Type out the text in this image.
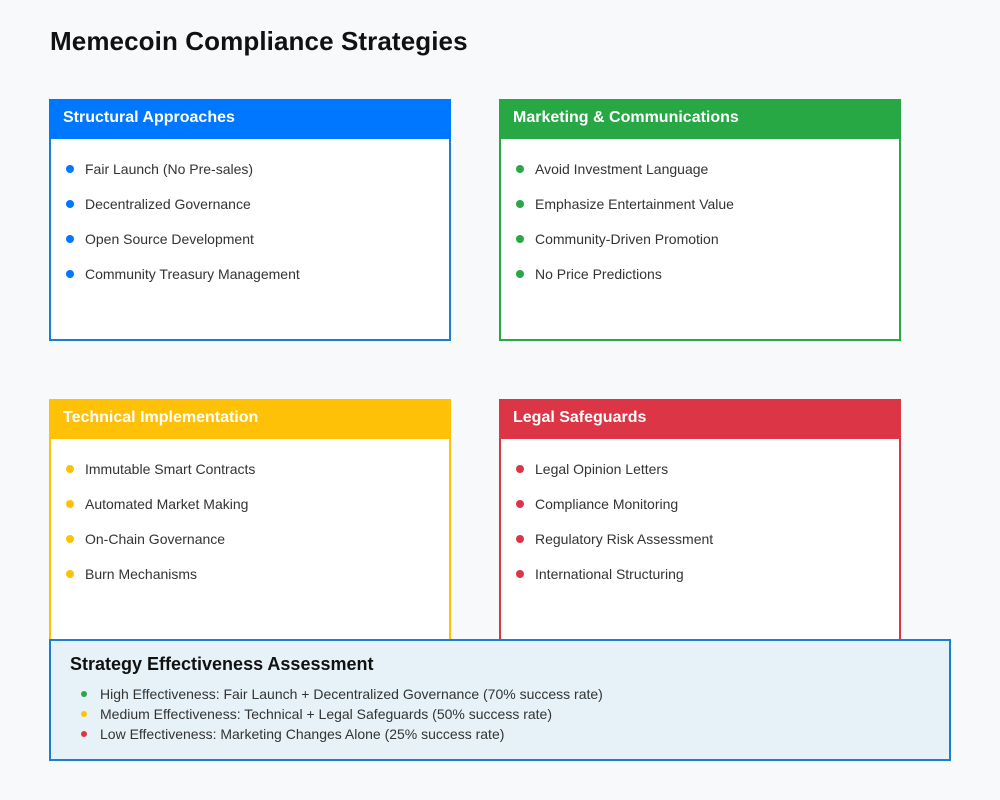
Memecoin Compliance Strategies
Structural Approaches
Fair Launch (No Pre-sales)
Decentralized Governance
Open Source Development
Community Treasury Management
Marketing & Communications
Avoid Investment Language
Emphasize Entertainment Value
Community-Driven Promotion
No Price Predictions
Technical Implementation
Immutable Smart Contracts
Automated Market Making
On-Chain Governance
Burn Mechanisms
Legal Safeguards
Legal Opinion Letters
Compliance Monitoring
Regulatory Risk Assessment
International Structuring
Strategy Effectiveness Assessment
High Effectiveness: Fair Launch + Decentralized Governance (70% success rate)
Medium Effectiveness: Technical + Legal Safeguards (50% success rate)
Low Effectiveness: Marketing Changes Alone (25% success rate)
